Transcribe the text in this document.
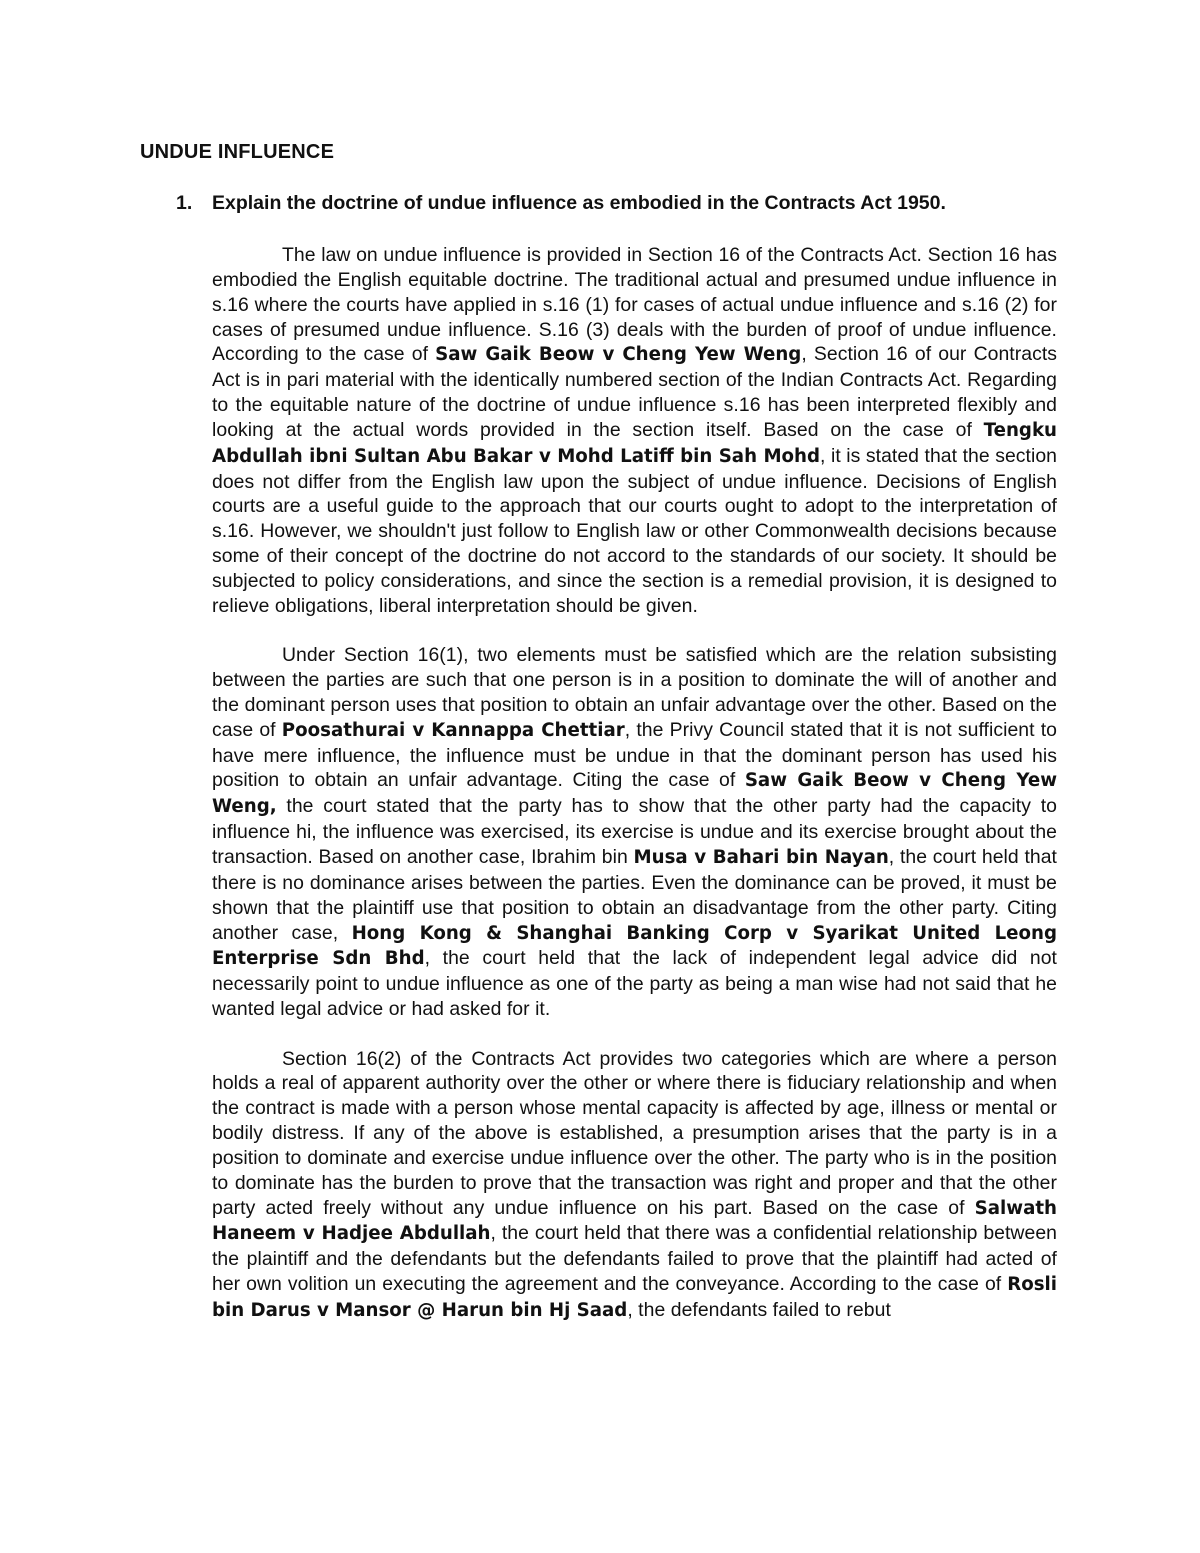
UNDUE INFLUENCE

1. Explain the doctrine of undue influence as embodied in the Contracts Act 1950.

The law on undue influence is provided in Section 16 of the Contracts Act. Section 16 has embodied the English equitable doctrine. The traditional actual and presumed undue influence in s.16 where the courts have applied in s.16 (1) for cases of actual undue influence and s.16 (2) for cases of presumed undue influence. S.16 (3) deals with the burden of proof of undue influence. According to the case of Saw Gaik Beow v Cheng Yew Weng, Section 16 of our Contracts Act is in pari material with the identically numbered section of the Indian Contracts Act. Regarding to the equitable nature of the doctrine of undue influence s.16 has been interpreted flexibly and looking at the actual words provided in the section itself. Based on the case of Tengku Abdullah ibni Sultan Abu Bakar v Mohd Latiff bin Sah Mohd, it is stated that the section does not differ from the English law upon the subject of undue influence. Decisions of English courts are a useful guide to the approach that our courts ought to adopt to the interpretation of s.16. However, we shouldn't just follow to English law or other Commonwealth decisions because some of their concept of the doctrine do not accord to the standards of our society. It should be subjected to policy considerations, and since the section is a remedial provision, it is designed to relieve obligations, liberal interpretation should be given.

Under Section 16(1), two elements must be satisfied which are the relation subsisting between the parties are such that one person is in a position to dominate the will of another and the dominant person uses that position to obtain an unfair advantage over the other. Based on the case of Poosathurai v Kannappa Chettiar, the Privy Council stated that it is not sufficient to have mere influence, the influence must be undue in that the dominant person has used his position to obtain an unfair advantage. Citing the case of Saw Gaik Beow v Cheng Yew Weng, the court stated that the party has to show that the other party had the capacity to influence hi, the influence was exercised, its exercise is undue and its exercise brought about the transaction. Based on another case, Ibrahim bin Musa v Bahari bin Nayan, the court held that there is no dominance arises between the parties. Even the dominance can be proved, it must be shown that the plaintiff use that position to obtain an disadvantage from the other party. Citing another case, Hong Kong & Shanghai Banking Corp v Syarikat United Leong Enterprise Sdn Bhd, the court held that the lack of independent legal advice did not necessarily point to undue influence as one of the party as being a man wise had not said that he wanted legal advice or had asked for it.

Section 16(2) of the Contracts Act provides two categories which are where a person holds a real of apparent authority over the other or where there is fiduciary relationship and when the contract is made with a person whose mental capacity is affected by age, illness or mental or bodily distress. If any of the above is established, a presumption arises that the party is in a position to dominate and exercise undue influence over the other. The party who is in the position to dominate has the burden to prove that the transaction was right and proper and that the other party acted freely without any undue influence on his part. Based on the case of Salwath Haneem v Hadjee Abdullah, the court held that there was a confidential relationship between the plaintiff and the defendants but the defendants failed to prove that the plaintiff had acted of her own volition un executing the agreement and the conveyance. According to the case of Rosli bin Darus v Mansor @ Harun bin Hj Saad, the defendants failed to rebut
